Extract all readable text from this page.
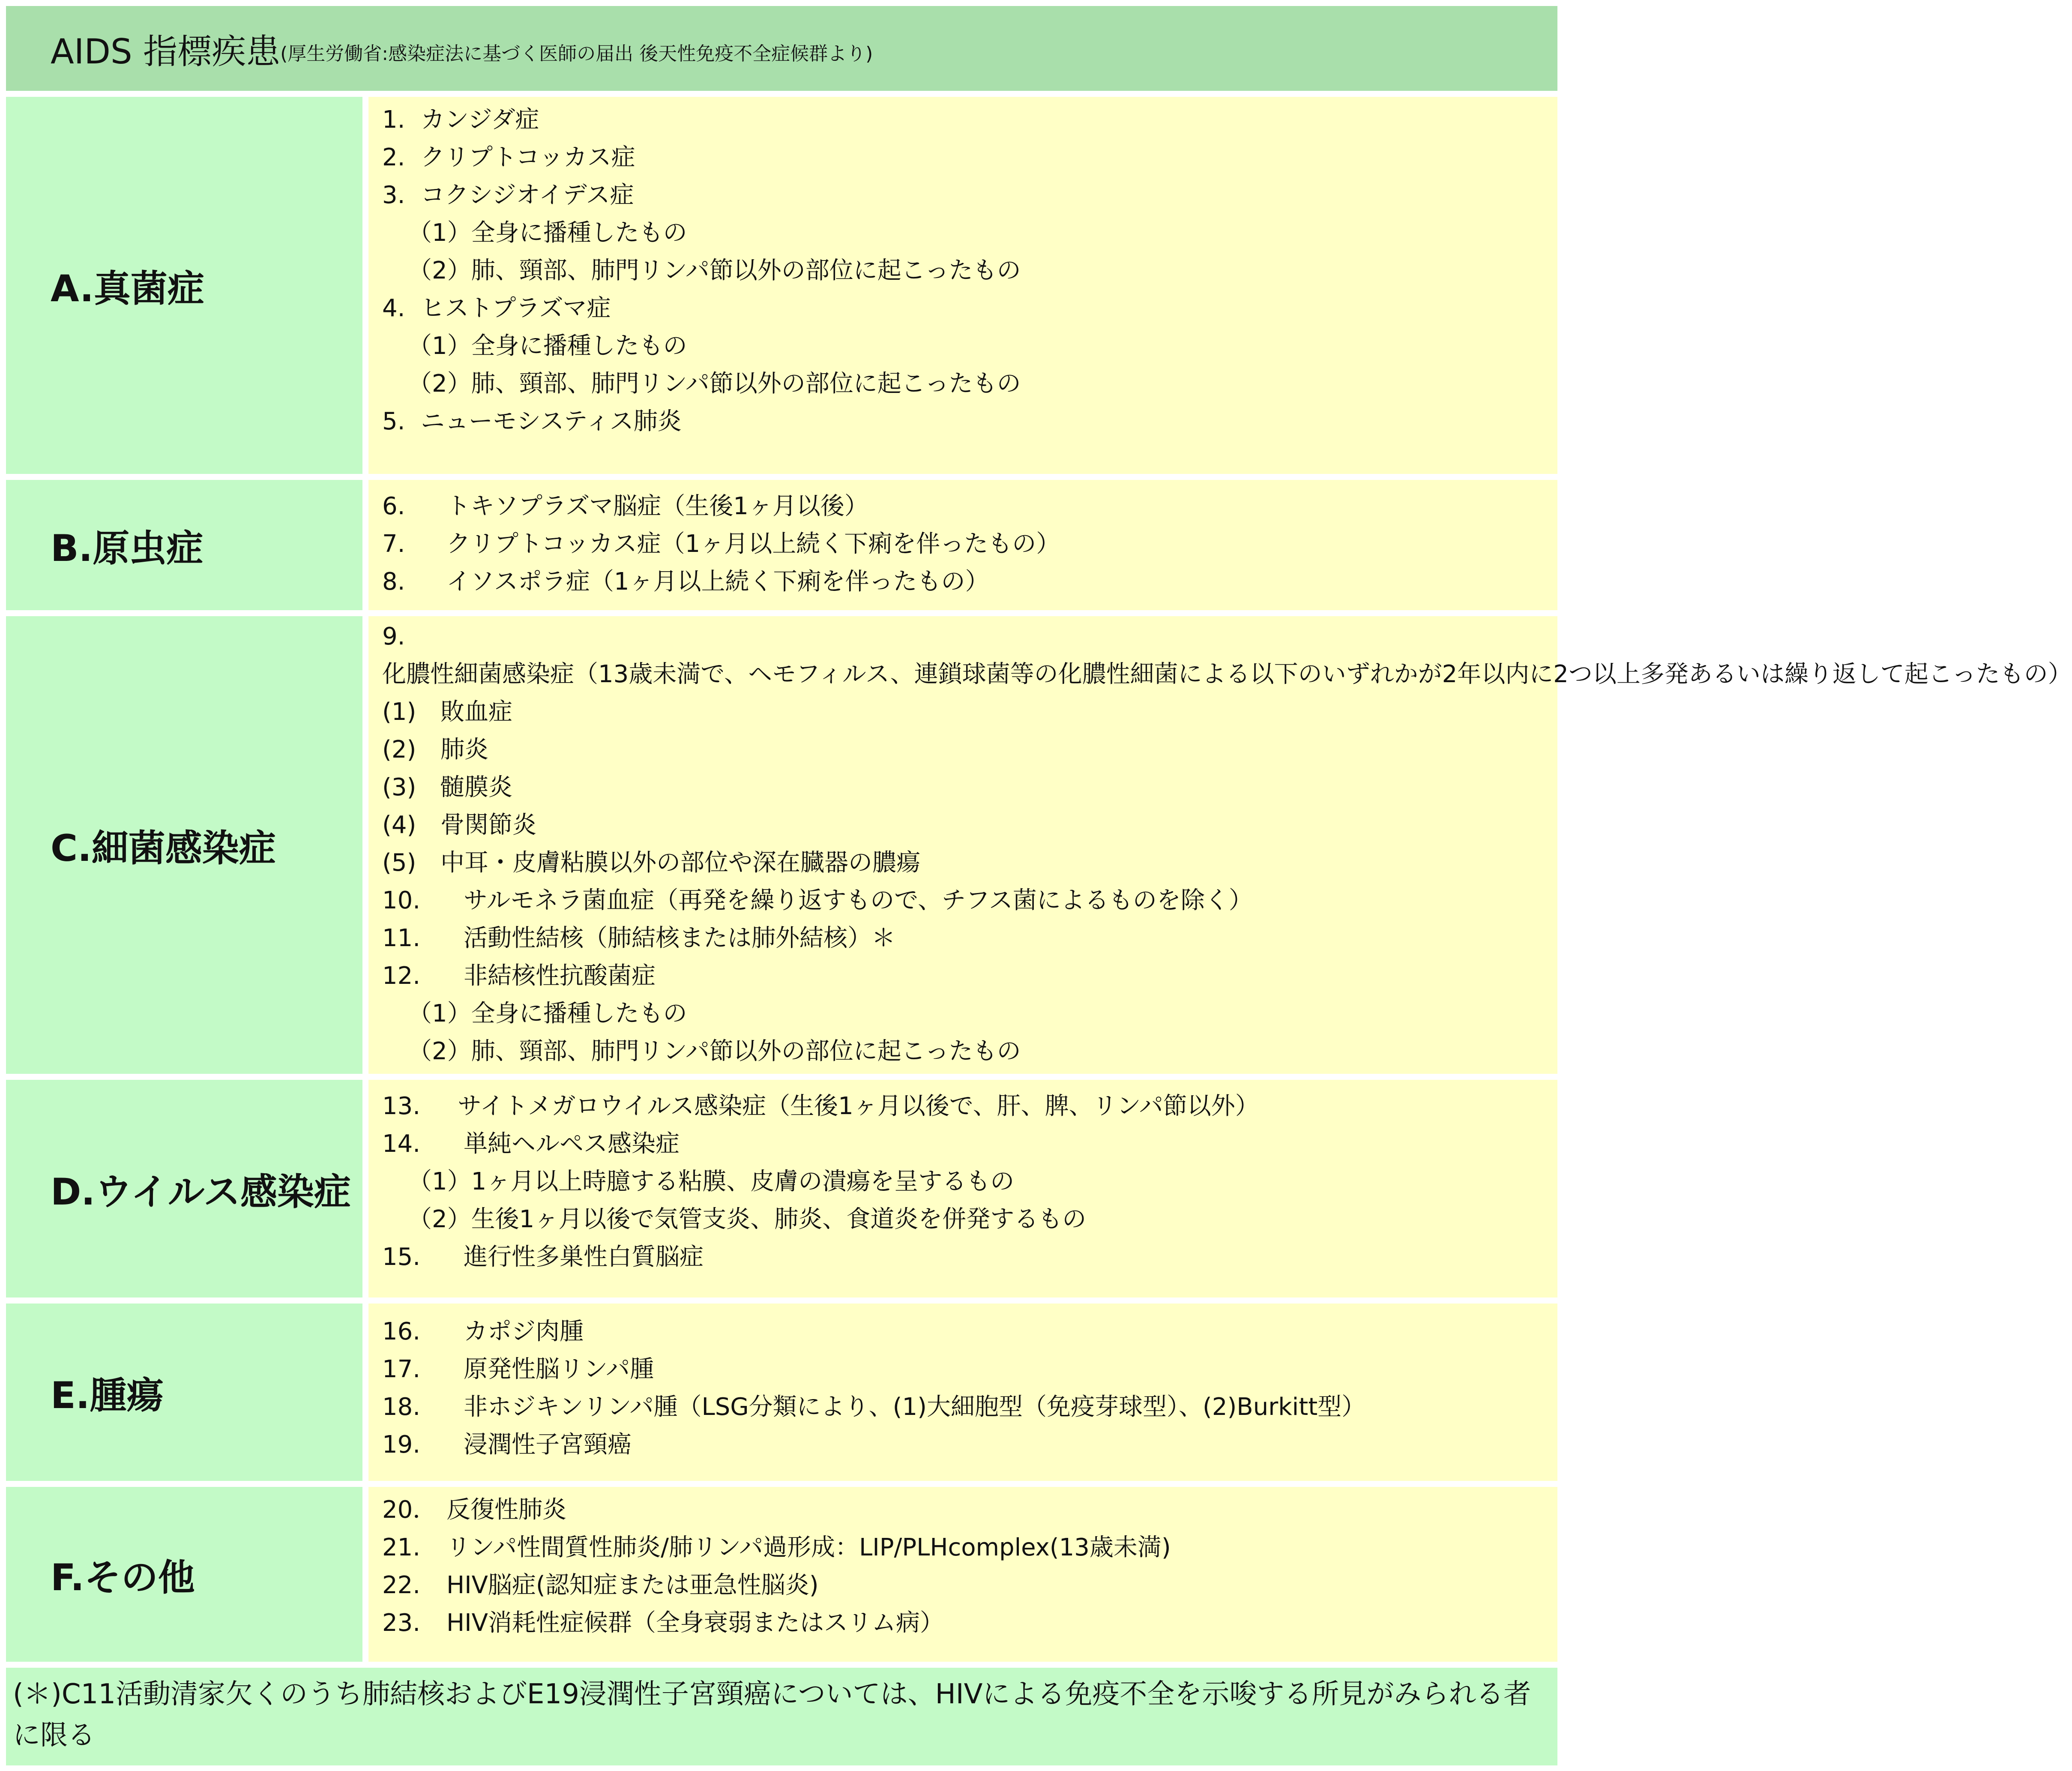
AIDS 指標疾患 (厚生労働省:感染症法に基づく医師の届出 後天性免疫不全症候群より)
A.真菌症
1. カンジダ症
2. クリプトコッカス症
3. コクシジオイデス症
（1）全身に播種したもの
（2）肺、頸部、肺門リンパ節以外の部位に起こったもの
4. ヒストプラズマ症
（1）全身に播種したもの
（2）肺、頸部、肺門リンパ節以外の部位に起こったもの
5. ニューモシスティス肺炎
B.原虫症
6. トキソプラズマ脳症（生後1ヶ月以後）
7. クリプトコッカス症（1ヶ月以上続く下痢を伴ったもの）
8. イソスポラ症（1ヶ月以上続く下痢を伴ったもの）
C.細菌感染症
9.化膿性細菌感染症（13歳未満で、ヘモフィルス、連鎖球菌等の化膿性細菌による以下のいずれかが2年以内に2つ以上多発あるいは繰り返して起こったもの）
(1) 敗血症
(2) 肺炎
(3) 髄膜炎
(4) 骨関節炎
(5) 中耳・皮膚粘膜以外の部位や深在臓器の膿瘍
10. サルモネラ菌血症（再発を繰り返すもので、チフス菌によるものを除く）
11. 活動性結核（肺結核または肺外結核）＊
12. 非結核性抗酸菌症
（1）全身に播種したもの
（2）肺、頸部、肺門リンパ節以外の部位に起こったもの
D.ウイルス感染症
13. サイトメガロウイルス感染症（生後1ヶ月以後で、肝、脾、リンパ節以外）
14. 単純ヘルペス感染症
（1）1ヶ月以上時臆する粘膜、皮膚の潰瘍を呈するもの
（2）生後1ヶ月以後で気管支炎、肺炎、食道炎を併発するもの
15. 進行性多巣性白質脳症
E.腫瘍
16. カポジ肉腫
17. 原発性脳リンパ腫
18. 非ホジキンリンパ腫（LSG分類により、(1)大細胞型（免疫芽球型）、(2)Burkitt型）
19. 浸潤性子宮頸癌
F.その他
20． 反復性肺炎
21. リンパ性間質性肺炎/肺リンパ過形成：LIP/PLHcomplex(13歳未満)
22. HIV脳症(認知症または亜急性脳炎)
23. HIV消耗性症候群（全身衰弱またはスリム病）
(＊)C11活動清家欠くのうち肺結核およびE19浸潤性子宮頸癌については、HIVによる免疫不全を示唆する所見がみられる者に限る
